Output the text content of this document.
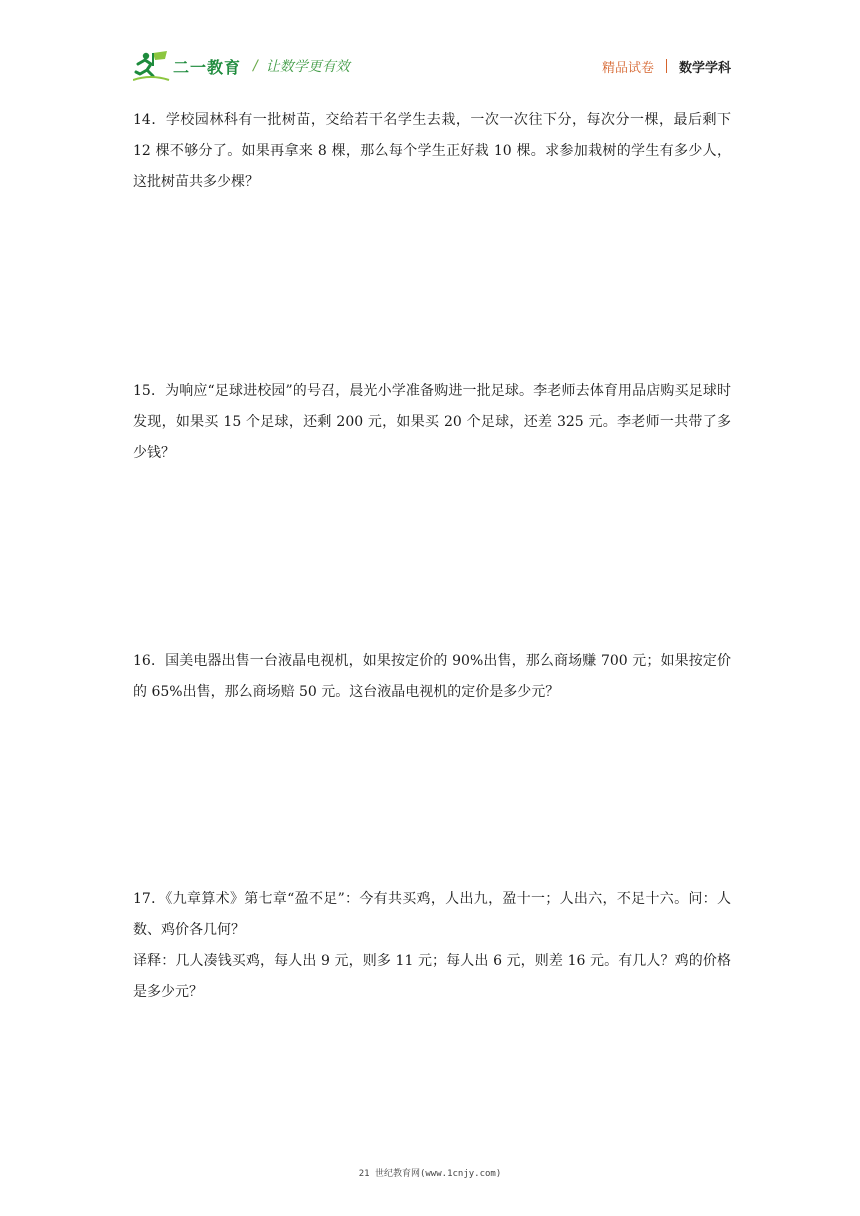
二一教育 / 让数学更有效	精品试卷 数学学科

14．学校园林科有一批树苗，交给若干名学生去栽，一次一次往下分，每次分一棵，最后剩下 12 棵不够分了。如果再拿来 8 棵，那么每个学生正好栽 10 棵。求参加栽树的学生有多少人，这批树苗共多少棵？

15．为响应“足球进校园”的号召，晨光小学准备购进一批足球。李老师去体育用品店购买足球时发现，如果买 15 个足球，还剩 200 元，如果买 20 个足球，还差 325 元。李老师一共带了多少钱？

16．国美电器出售一台液晶电视机，如果按定价的 90%出售，那么商场赚 700 元；如果按定价的 65%出售，那么商场赔 50 元。这台液晶电视机的定价是多少元？

17．《九章算术》第七章“盈不足”：今有共买鸡，人出九，盈十一；人出六，不足十六。问：人数、鸡价各几何？

译释：几人凑钱买鸡，每人出 9 元，则多 11 元；每人出 6 元，则差 16 元。有几人？鸡的价格是多少元？

21 世纪教育网(www.1cnjy.com)
